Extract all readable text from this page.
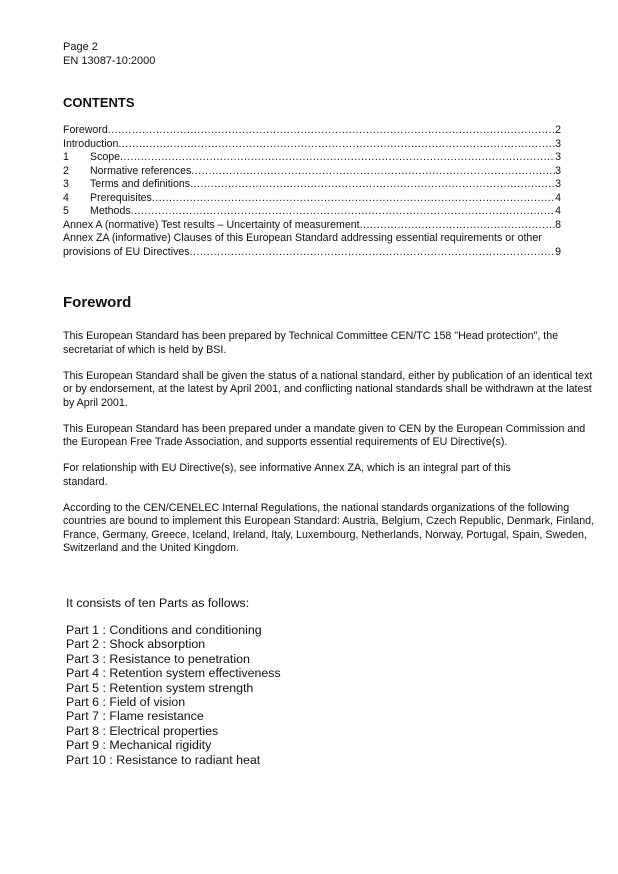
Page 2
EN 13087-10:2000
CONTENTS
Foreword .....	2
Introduction .....	3
1	Scope .....	3
2	Normative references .....	3
3	Terms and definitions .....	3
4	Prerequisites .....	4
5	Methods .....	4
Annex A (normative) Test results – Uncertainty of measurement .....	8
Annex ZA (informative) Clauses of this European Standard addressing essential requirements or other
provisions of EU Directives .....	9
Foreword

This European Standard has been prepared by Technical Committee CEN/TC 158 "Head protection", the secretariat of which is held by BSI.

This European Standard shall be given the status of a national standard, either by publication of an identical text or by endorsement, at the latest by April 2001, and conflicting national standards shall be withdrawn at the latest by April 2001.

This European Standard has been prepared under a mandate given to CEN by the European Commission and the European Free Trade Association, and supports essential requirements of EU Directive(s).

For relationship with EU Directive(s), see informative Annex ZA, which is an integral part of this standard.

According to the CEN/CENELEC Internal Regulations, the national standards organizations of the following countries are bound to implement this European Standard: Austria, Belgium, Czech Republic, Denmark, Finland, France, Germany, Greece, Iceland, Ireland, Italy, Luxembourg, Netherlands, Norway, Portugal, Spain, Sweden, Switzerland and the United Kingdom.

It consists of ten Parts as follows:
Part 1 : Conditions and conditioning
Part 2 : Shock absorption
Part 3 : Resistance to penetration
Part 4 : Retention system effectiveness
Part 5 : Retention system strength
Part 6 : Field of vision
Part 7 : Flame resistance
Part 8 : Electrical properties
Part 9 : Mechanical rigidity
Part 10 : Resistance to radiant heat
